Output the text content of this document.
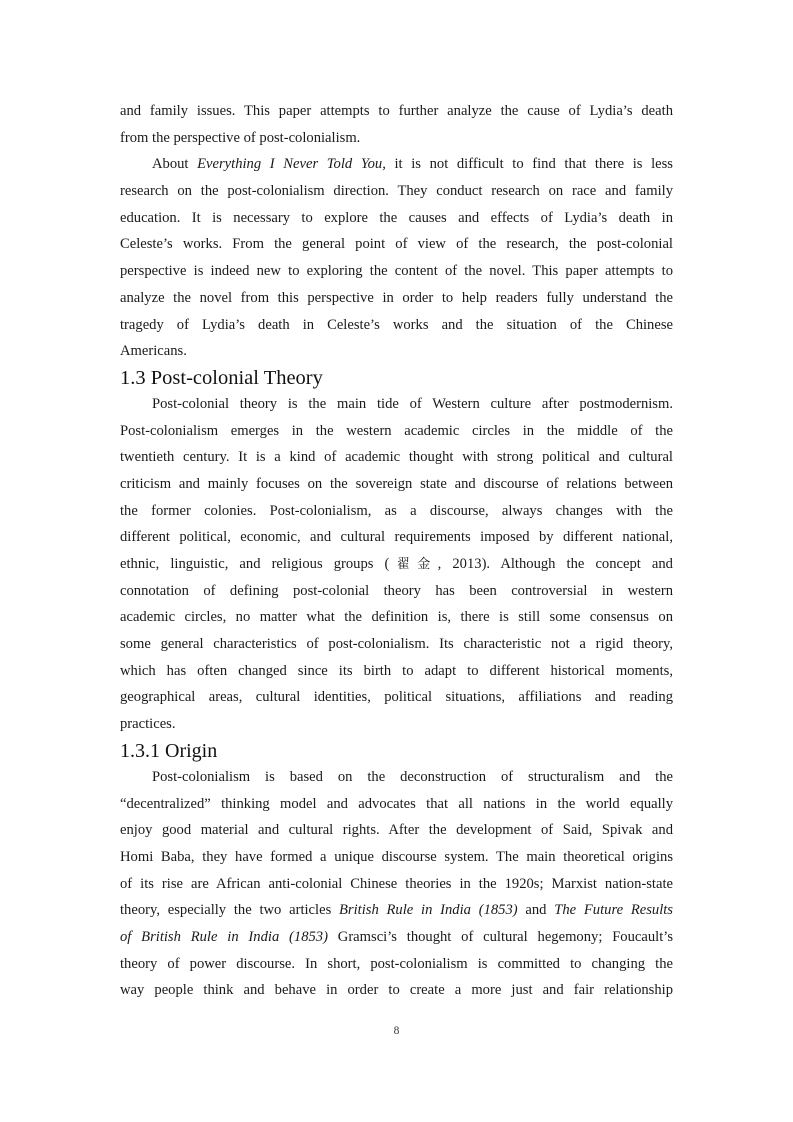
and family issues. This paper attempts to further analyze the cause of Lydia’s death
from the perspective of post-colonialism.
About Everything I Never Told You, it is not difficult to find that there is less
research on the post-colonialism direction. They conduct research on race and family
education. It is necessary to explore the causes and effects of Lydia’s death in
Celeste’s works. From the general point of view of the research, the post-colonial
perspective is indeed new to exploring the content of the novel. This paper attempts to
analyze the novel from this perspective in order to help readers fully understand the
tragedy of Lydia’s death in Celeste’s works and the situation of the Chinese
Americans.
1.3 Post-colonial Theory
Post-colonial theory is the main tide of Western culture after postmodernism.
Post-colonialism emerges in the western academic circles in the middle of the
twentieth century. It is a kind of academic thought with strong political and cultural
criticism and mainly focuses on the sovereign state and discourse of relations between
the former colonies. Post-colonialism, as a discourse, always changes with the
different political, economic, and cultural requirements imposed by different national,
ethnic, linguistic, and religious groups (翟金, 2013). Although the concept and
connotation of defining post-colonial theory has been controversial in western
academic circles, no matter what the definition is, there is still some consensus on
some general characteristics of post-colonialism. Its characteristic not a rigid theory,
which has often changed since its birth to adapt to different historical moments,
geographical areas, cultural identities, political situations, affiliations and reading
practices.
1.3.1 Origin
Post-colonialism is based on the deconstruction of structuralism and the
“decentralized” thinking model and advocates that all nations in the world equally
enjoy good material and cultural rights. After the development of Said, Spivak and
Homi Baba, they have formed a unique discourse system. The main theoretical origins
of its rise are African anti-colonial Chinese theories in the 1920s; Marxist nation-state
theory, especially the two articles British Rule in India (1853) and The Future Results
of British Rule in India (1853) Gramsci’s thought of cultural hegemony; Foucault’s
theory of power discourse. In short, post-colonialism is committed to changing the
way people think and behave in order to create a more just and fair relationship
8
